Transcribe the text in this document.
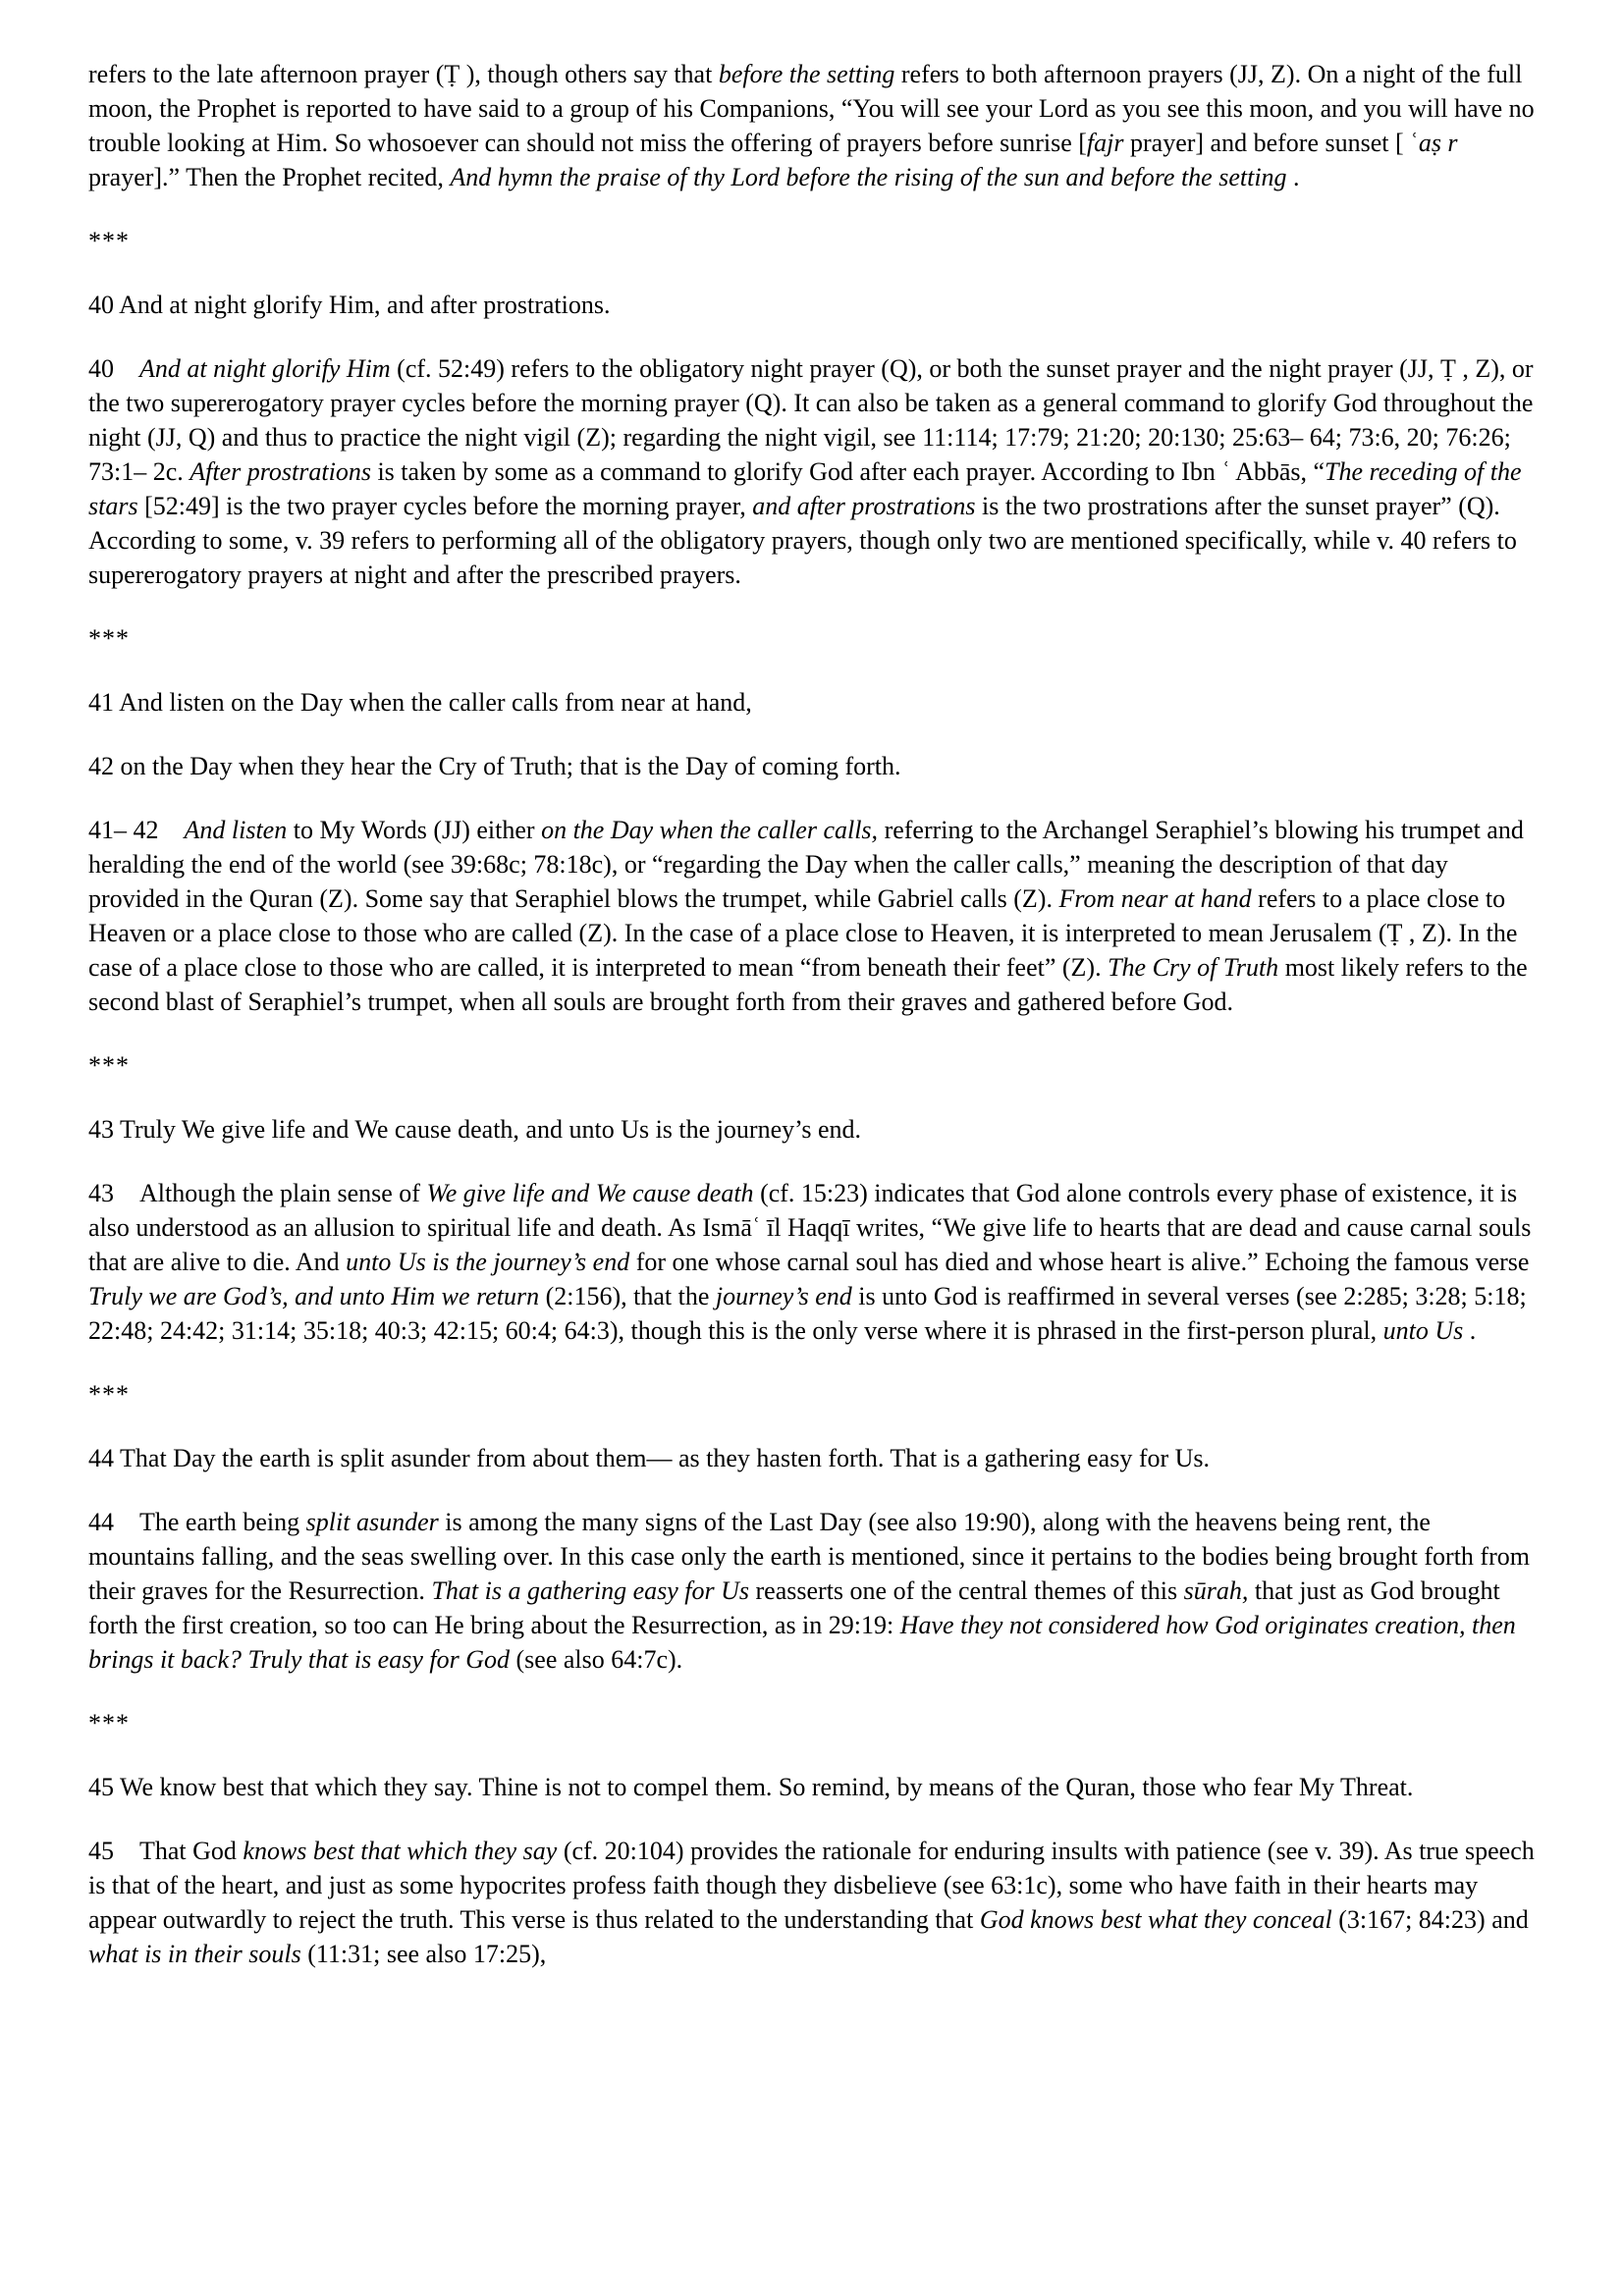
refers to the late afternoon prayer (Ṭ ), though others say that before the setting refers to both afternoon prayers (JJ, Z). On a night of the full moon, the Prophet is reported to have said to a group of his Companions, “You will see your Lord as you see this moon, and you will have no trouble looking at Him. So whosoever can should not miss the offering of prayers before sunrise [fajr prayer] and before sunset [ ʿaṣ r prayer].” Then the Prophet recited, And hymn the praise of thy Lord before the rising of the sun and before the setting .

***

40 And at night glorify Him, and after prostrations.

40 And at night glorify Him (cf. 52:49) refers to the obligatory night prayer (Q), or both the sunset prayer and the night prayer (JJ, Ṭ , Z), or the two supererogatory prayer cycles before the morning prayer (Q). It can also be taken as a general command to glorify God throughout the night (JJ, Q) and thus to practice the night vigil (Z); regarding the night vigil, see 11:114; 17:79; 21:20; 20:130; 25:63– 64; 73:6, 20; 76:26; 73:1– 2c. After prostrations is taken by some as a command to glorify God after each prayer. According to Ibn ʿ Abbās, “The receding of the stars [52:49] is the two prayer cycles before the morning prayer, and after prostrations is the two prostrations after the sunset prayer” (Q). According to some, v. 39 refers to performing all of the obligatory prayers, though only two are mentioned specifically, while v. 40 refers to supererogatory prayers at night and after the prescribed prayers.

***

41 And listen on the Day when the caller calls from near at hand,

42 on the Day when they hear the Cry of Truth; that is the Day of coming forth.

41– 42 And listen to My Words (JJ) either on the Day when the caller calls, referring to the Archangel Seraphiel’s blowing his trumpet and heralding the end of the world (see 39:68c; 78:18c), or “regarding the Day when the caller calls,” meaning the description of that day provided in the Quran (Z). Some say that Seraphiel blows the trumpet, while Gabriel calls (Z). From near at hand refers to a place close to Heaven or a place close to those who are called (Z). In the case of a place close to Heaven, it is interpreted to mean Jerusalem (Ṭ , Z). In the case of a place close to those who are called, it is interpreted to mean “from beneath their feet” (Z). The Cry of Truth most likely refers to the second blast of Seraphiel’s trumpet, when all souls are brought forth from their graves and gathered before God.

***

43 Truly We give life and We cause death, and unto Us is the journey’s end.

43 Although the plain sense of We give life and We cause death (cf. 15:23) indicates that God alone controls every phase of existence, it is also understood as an allusion to spiritual life and death. As Ismāʿ īl Haqqī writes, “We give life to hearts that are dead and cause carnal souls that are alive to die. And unto Us is the journey’s end for one whose carnal soul has died and whose heart is alive.” Echoing the famous verse Truly we are God’s, and unto Him we return (2:156), that the journey’s end is unto God is reaffirmed in several verses (see 2:285; 3:28; 5:18; 22:48; 24:42; 31:14; 35:18; 40:3; 42:15; 60:4; 64:3), though this is the only verse where it is phrased in the first-person plural, unto Us .

***

44 That Day the earth is split asunder from about them— as they hasten forth. That is a gathering easy for Us.

44 The earth being split asunder is among the many signs of the Last Day (see also 19:90), along with the heavens being rent, the mountains falling, and the seas swelling over. In this case only the earth is mentioned, since it pertains to the bodies being brought forth from their graves for the Resurrection. That is a gathering easy for Us reasserts one of the central themes of this sūrah, that just as God brought forth the first creation, so too can He bring about the Resurrection, as in 29:19: Have they not considered how God originates creation, then brings it back? Truly that is easy for God (see also 64:7c).

***

45 We know best that which they say. Thine is not to compel them. So remind, by means of the Quran, those who fear My Threat.

45 That God knows best that which they say (cf. 20:104) provides the rationale for enduring insults with patience (see v. 39). As true speech is that of the heart, and just as some hypocrites profess faith though they disbelieve (see 63:1c), some who have faith in their hearts may appear outwardly to reject the truth. This verse is thus related to the understanding that God knows best what they conceal (3:167; 84:23) and what is in their souls (11:31; see also 17:25),
